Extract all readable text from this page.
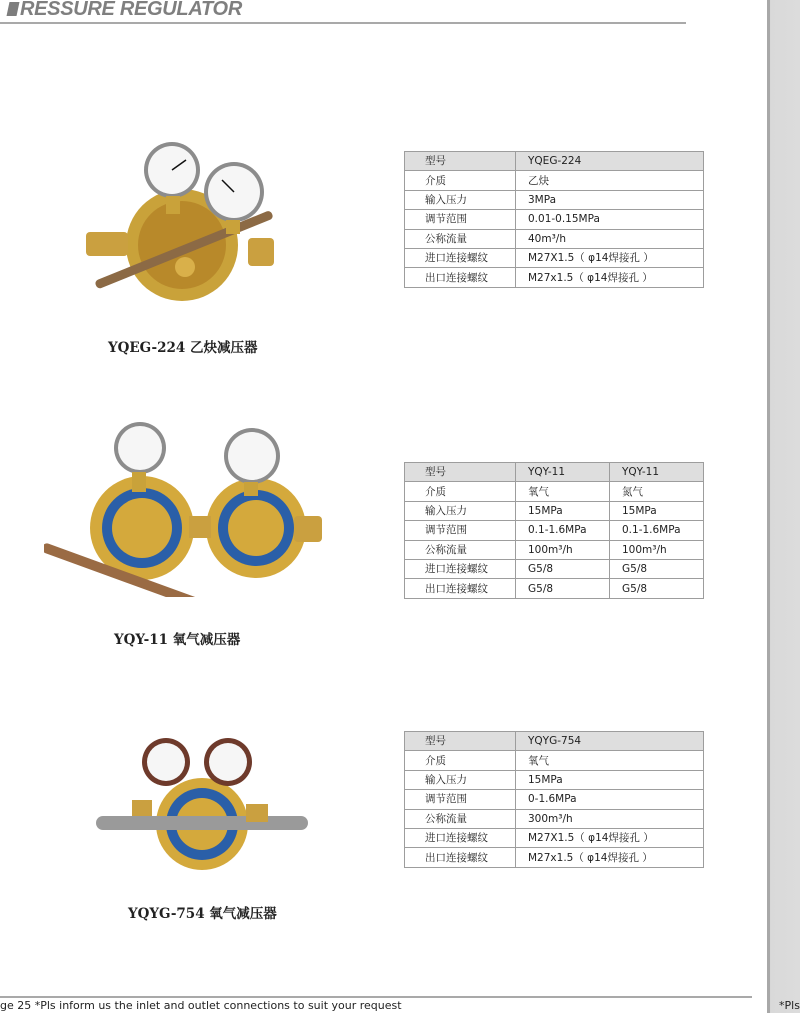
RESSURE REGULATOR
YQEG-224 乙炔减压器
型号	YQEG-224
介质	乙炔
输入压力	3MPa
调节范围	0.01-0.15MPa
公称流量	40m³/h
进口连接螺纹	M27X1.5（ φ14焊接孔 ）
出口连接螺纹	M27x1.5（ φ14焊接孔 ）
YQY-11 氧气减压器
型号	YQY-11	YQY-11
介质	氧气	氮气
输入压力	15MPa	15MPa
调节范围	0.1-1.6MPa	0.1-1.6MPa
公称流量	100m³/h	100m³/h
进口连接螺纹	G5/8	G5/8
出口连接螺纹	G5/8	G5/8
YQYG-754 氧气减压器
型号	YQYG-754
介质	氧气
输入压力	15MPa
调节范围	0-1.6MPa
公称流量	300m³/h
进口连接螺纹	M27X1.5（ φ14焊接孔 ）
出口连接螺纹	M27x1.5（ φ14焊接孔 ）
ge 25 *Pls inform us the inlet and outlet connections to suit your request	*Pls
